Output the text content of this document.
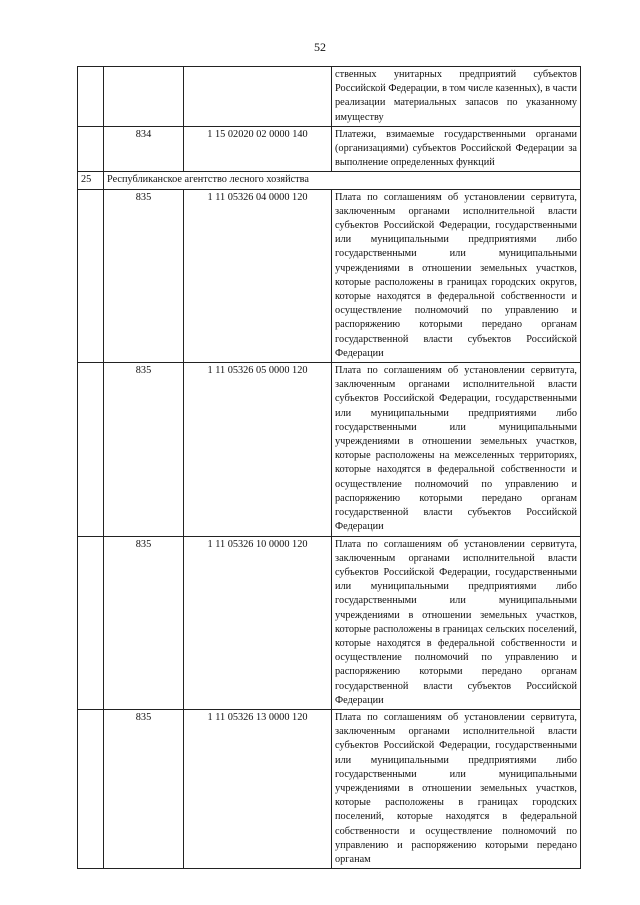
52
			ственных унитарных предприятий субъектов Российской Федерации, в том числе казенных), в части реализации материальных запасов по указанному имуществу
	834	1 15 02020 02 0000 140	Платежи, взимаемые государственными органами (организациями) субъектов Российской Федерации за выполнение определенных функций
25	Республиканское агентство лесного хозяйства		
	835	1 11 05326 04 0000 120	Плата по соглашениям об установлении сервитута, заключенным органами исполнительной власти субъектов Российской Федерации, государственными или муниципальными предприятиями либо государственными или муниципальными учреждениями в отношении земельных участков, которые расположены в границах городских округов, которые находятся в федеральной собственности и осуществление полномочий по управлению и распоряжению которыми передано органам государственной власти субъектов Российской Федерации
	835	1 11 05326 05 0000 120	Плата по соглашениям об установлении сервитута, заключенным органами исполнительной власти субъектов Российской Федерации, государственными или муниципальными предприятиями либо государственными или муниципальными учреждениями в отношении земельных участков, которые расположены на межселенных территориях, которые находятся в федеральной собственности и осуществление полномочий по управлению и распоряжению которыми передано органам государственной власти субъектов Российской Федерации
	835	1 11 05326 10 0000 120	Плата по соглашениям об установлении сервитута, заключенным органами исполнительной власти субъектов Российской Федерации, государственными или муниципальными предприятиями либо государственными или муниципальными учреждениями в отношении земельных участков, которые расположены в границах сельских поселений, которые находятся в федеральной собственности и осуществление полномочий по управлению и распоряжению которыми передано органам государственной власти субъектов Российской Федерации
	835	1 11 05326 13 0000 120	Плата по соглашениям об установлении сервитута, заключенным органами исполнительной власти субъектов Российской Федерации, государственными или муниципальными предприятиями либо государственными или муниципальными учреждениями в отношении земельных участков, которые расположены в границах городских поселений, которые находятся в федеральной собственности и осуществление полномочий по управлению и распоряжению которыми передано органам
